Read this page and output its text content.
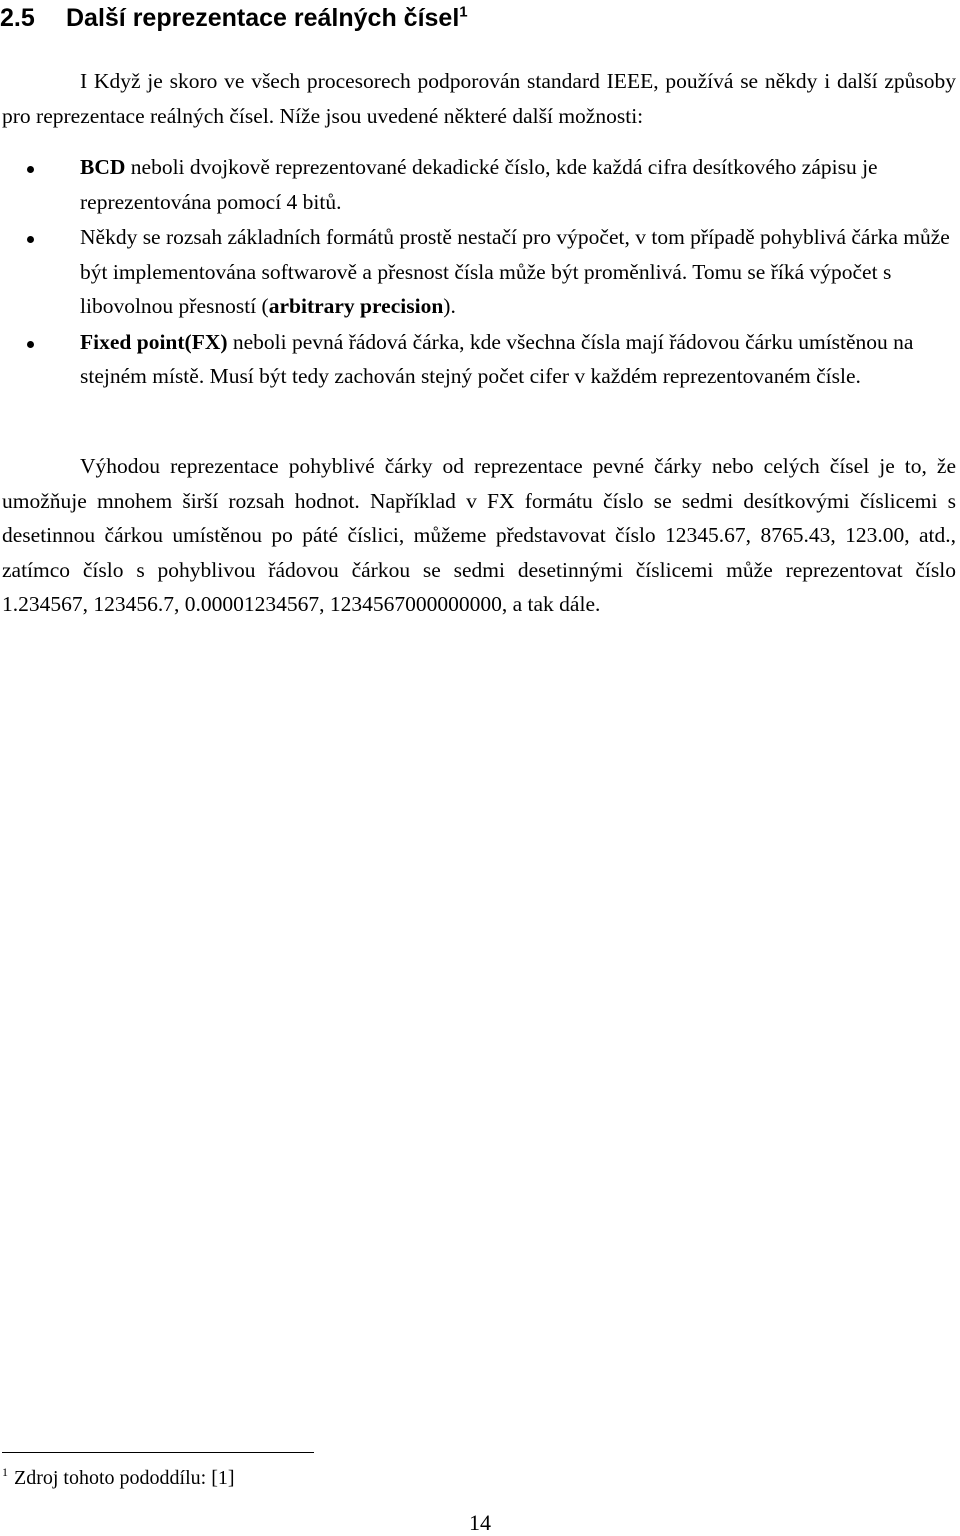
2.5 Další reprezentace reálných čísel$^1$

I Když je skoro ve všech procesorech podporován standard IEEE, používá se někdy i další způsoby pro reprezentace reálných čísel. Níže jsou uvedené některé další možnosti:

BCD neboli dvojkově reprezentované dekadické číslo, kde každá cifra desítkového zápisu je reprezentována pomocí 4 bitů.
Někdy se rozsah základních formátů prostě nestačí pro výpočet, v tom případě pohyblivá čárka může být implementována softwarově a přesnost čísla může být proměnlivá. Tomu se říká výpočet s libovolnou přesností (arbitrary precision).
Fixed point(FX) neboli pevná řádová čárka, kde všechna čísla mají řádovou čárku umístěnou na stejném místě. Musí být tedy zachován stejný počet cifer v každém reprezentovaném čísle.

Výhodou reprezentace pohyblivé čárky od reprezentace pevné čárky nebo celých čísel je to, že umožňuje mnohem širší rozsah hodnot. Například v FX formátu číslo se sedmi desítkovými číslicemi s desetinnou čárkou umístěnou po páté číslici, můžeme představovat číslo 12345.67, 8765.43, 123.00, atd., zatímco číslo s pohyblivou řádovou čárkou se sedmi desetinnými číslicemi může reprezentovat číslo 1.234567, 123456.7, 0.00001234567, 1234567000000000, a tak dále.

$^1$ Zdroj tohoto pododdílu: [1]

14
